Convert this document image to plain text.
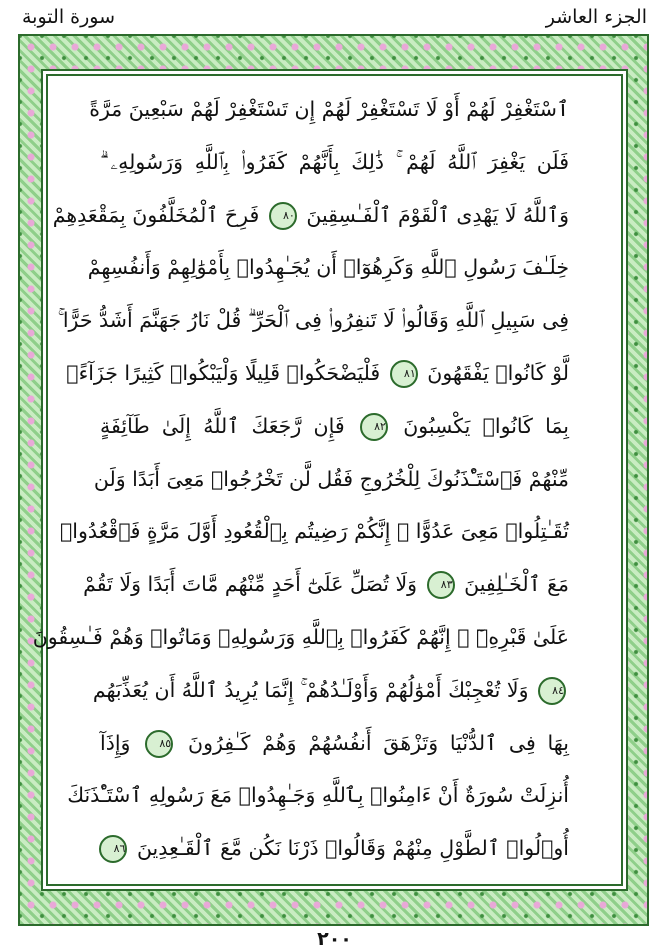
الجزء العاشر
سورة التوبة
ٱسْتَغْفِرْ لَهُمْ أَوْ لَا تَسْتَغْفِرْ لَهُمْ إِن تَسْتَغْفِرْ لَهُمْ سَبْعِينَ مَرَّةً
فَلَن يَغْفِرَ ٱللَّهُ لَهُمْ ۚ ذَٰلِكَ بِأَنَّهُمْ كَفَرُوا۟ بِٱللَّهِ وَرَسُولِهِۦ ۗ
وَٱللَّهُ لَا يَهْدِى ٱلْقَوْمَ ٱلْفَـٰسِقِينَ ٨٠ فَرِحَ ٱلْمُخَلَّفُونَ بِمَقْعَدِهِمْ
خِلَـٰفَ رَسُولِ ٱللَّهِ وَكَرِهُوٓا۟ أَن يُجَـٰهِدُوا۟ بِأَمْوَٰلِهِمْ وَأَنفُسِهِمْ
فِى سَبِيلِ ٱللَّهِ وَقَالُوا۟ لَا تَنفِرُوا۟ فِى ٱلْحَرِّ ۗ قُلْ نَارُ جَهَنَّمَ أَشَدُّ حَرًّا ۚ
لَّوْ كَانُوا۟ يَفْقَهُونَ ٨١ فَلْيَضْحَكُوا۟ قَلِيلًا وَلْيَبْكُوا۟ كَثِيرًا جَزَآءًۢ
بِمَا كَانُوا۟ يَكْسِبُونَ ٨٢ فَإِن رَّجَعَكَ ٱللَّهُ إِلَىٰ طَآئِفَةٍ
مِّنْهُمْ فَٱسْتَـْٔذَنُوكَ لِلْخُرُوجِ فَقُل لَّن تَخْرُجُوا۟ مَعِىَ أَبَدًا وَلَن
تُقَـٰتِلُوا۟ مَعِىَ عَدُوًّا ۖ إِنَّكُمْ رَضِيتُم بِٱلْقُعُودِ أَوَّلَ مَرَّةٍ فَٱقْعُدُوا۟
مَعَ ٱلْخَـٰلِفِينَ ٨٣ وَلَا تُصَلِّ عَلَىٰٓ أَحَدٍ مِّنْهُم مَّاتَ أَبَدًا وَلَا تَقُمْ
عَلَىٰ قَبْرِهِۦٓ ۖ إِنَّهُمْ كَفَرُوا۟ بِٱللَّهِ وَرَسُولِهِۦ وَمَاتُوا۟ وَهُمْ فَـٰسِقُونَ
٨٤ وَلَا تُعْجِبْكَ أَمْوَٰلُهُمْ وَأَوْلَـٰدُهُمْ ۚ إِنَّمَا يُرِيدُ ٱللَّهُ أَن يُعَذِّبَهُم
بِهَا فِى ٱلدُّنْيَا وَتَزْهَقَ أَنفُسُهُمْ وَهُمْ كَـٰفِرُونَ ٨٥ وَإِذَآ
أُنزِلَتْ سُورَةٌ أَنْ ءَامِنُوا۟ بِٱللَّهِ وَجَـٰهِدُوا۟ مَعَ رَسُولِهِ ٱسْتَـْٔذَنَكَ
أُو۟لُوا۟ ٱلطَّوْلِ مِنْهُمْ وَقَالُوا۟ ذَرْنَا نَكُن مَّعَ ٱلْقَـٰعِدِينَ ٨٦
٢٠٠
